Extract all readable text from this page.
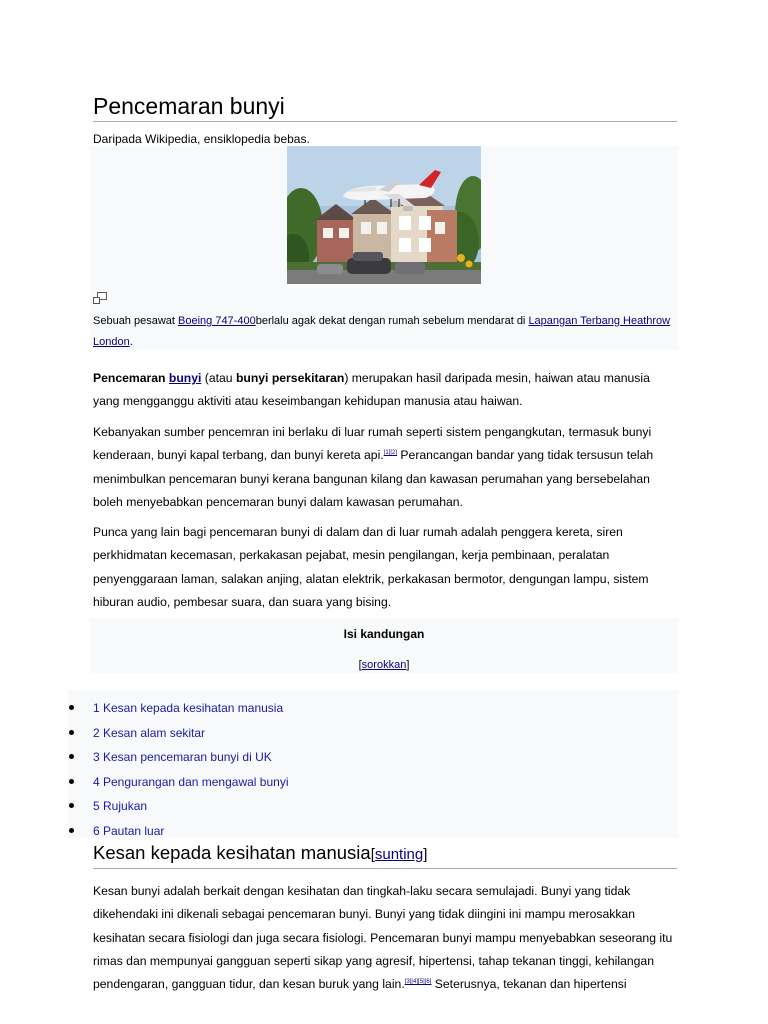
Pencemaran bunyi
Daripada Wikipedia, ensiklopedia bebas.
Sebuah pesawat Boeing 747-400berlalu agak dekat dengan rumah sebelum mendarat di Lapangan Terbang Heathrow London.

Pencemaran bunyi (atau bunyi persekitaran) merupakan hasil daripada mesin, haiwan atau manusia yang mengganggu aktiviti atau keseimbangan kehidupan manusia atau haiwan.

Kebanyakan sumber pencemran ini berlaku di luar rumah seperti sistem pengangkutan, termasuk bunyi kenderaan, bunyi kapal terbang, dan bunyi kereta api.[1][2] Perancangan bandar yang tidak tersusun telah menimbulkan pencemaran bunyi kerana bangunan kilang dan kawasan perumahan yang bersebelahan boleh menyebabkan pencemaran bunyi dalam kawasan perumahan.

Punca yang lain bagi pencemaran bunyi di dalam dan di luar rumah adalah penggera kereta, siren perkhidmatan kecemasan, perkakasan pejabat, mesin pengilangan, kerja pembinaan, peralatan penyenggaraan laman, salakan anjing, alatan elektrik, perkakasan bermotor, dengungan lampu, sistem hiburan audio, pembesar suara, dan suara yang bising.

Isi kandungan
[sorokkan]
1 Kesan kepada kesihatan manusia
2 Kesan alam sekitar
3 Kesan pencemaran bunyi di UK
4 Pengurangan dan mengawal bunyi
5 Rujukan
6 Pautan luar
Kesan kepada kesihatan manusia[sunting]

Kesan bunyi adalah berkait dengan kesihatan dan tingkah-laku secara semulajadi. Bunyi yang tidak dikehendaki ini dikenali sebagai pencemaran bunyi. Bunyi yang tidak diingini ini mampu merosakkan kesihatan secara fisiologi dan juga secara fisiologi. Pencemaran bunyi mampu menyebabkan seseorang itu rimas dan mempunyai gangguan seperti sikap yang agresif, hipertensi, tahap tekanan tinggi, kehilangan pendengaran, gangguan tidur, dan kesan buruk yang lain.[3][4][5][6] Seterusnya, tekanan dan hipertensi
